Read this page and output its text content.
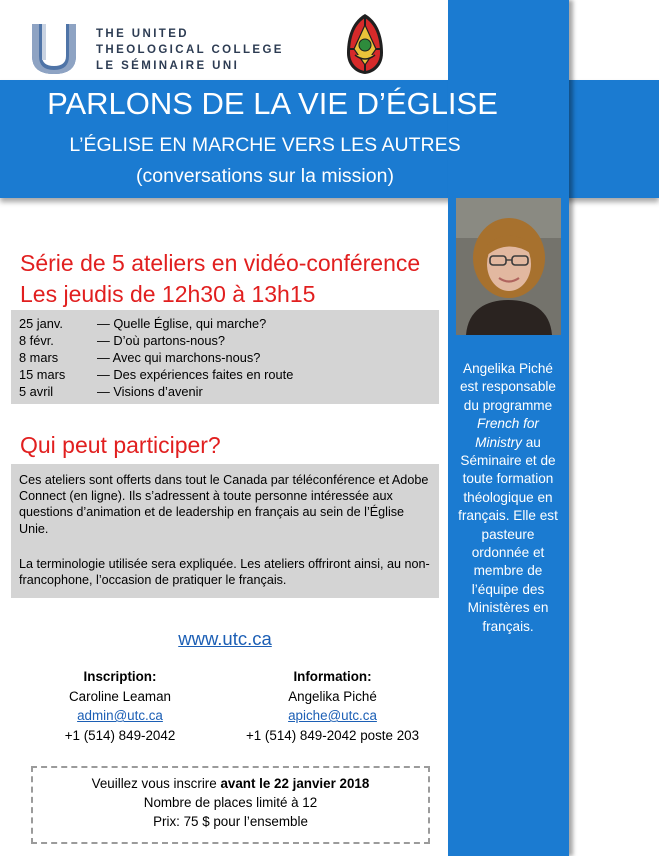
THE UNITED
THEOLOGICAL COLLEGE
LE SÉMINAIRE UNI
PARLONS DE LA VIE D’ÉGLISE
L’ÉGLISE EN MARCHE VERS LES AUTRES
(conversations sur la mission)
Angelika Piché est responsable du programme French for Ministry au Séminaire et de toute formation théologique en français. Elle est pasteure ordonnée et membre de l’équipe des Ministères en français.
Série de 5 ateliers en vidéo-conférence
Les jeudis de 12h30 à 13h15
25 janv.	— Quelle Église, qui marche?
8 févr.	— D’où partons-nous?
8 mars	— Avec qui marchons-nous?
15 mars — Des expériences faites en route
5 avril	— Visions d’avenir
Qui peut participer?
Ces ateliers sont offerts dans tout le Canada par téléconférence et Adobe Connect (en ligne). Ils s’adressent à toute personne intéressée aux questions d’animation et de leadership en français au sein de l’Église Unie.
La terminologie utilisée sera expliquée. Les ateliers offriront ainsi, au non-francophone, l’occasion de pratiquer le français.
www.utc.ca
Inscription:
Caroline Leaman
admin@utc.ca
+1 (514) 849-2042
Information:
Angelika Piché
apiche@utc.ca
+1 (514) 849-2042 poste 203
Veuillez vous inscrire avant le 22 janvier 2018
Nombre de places limité à 12
Prix: 75 $ pour l’ensemble
